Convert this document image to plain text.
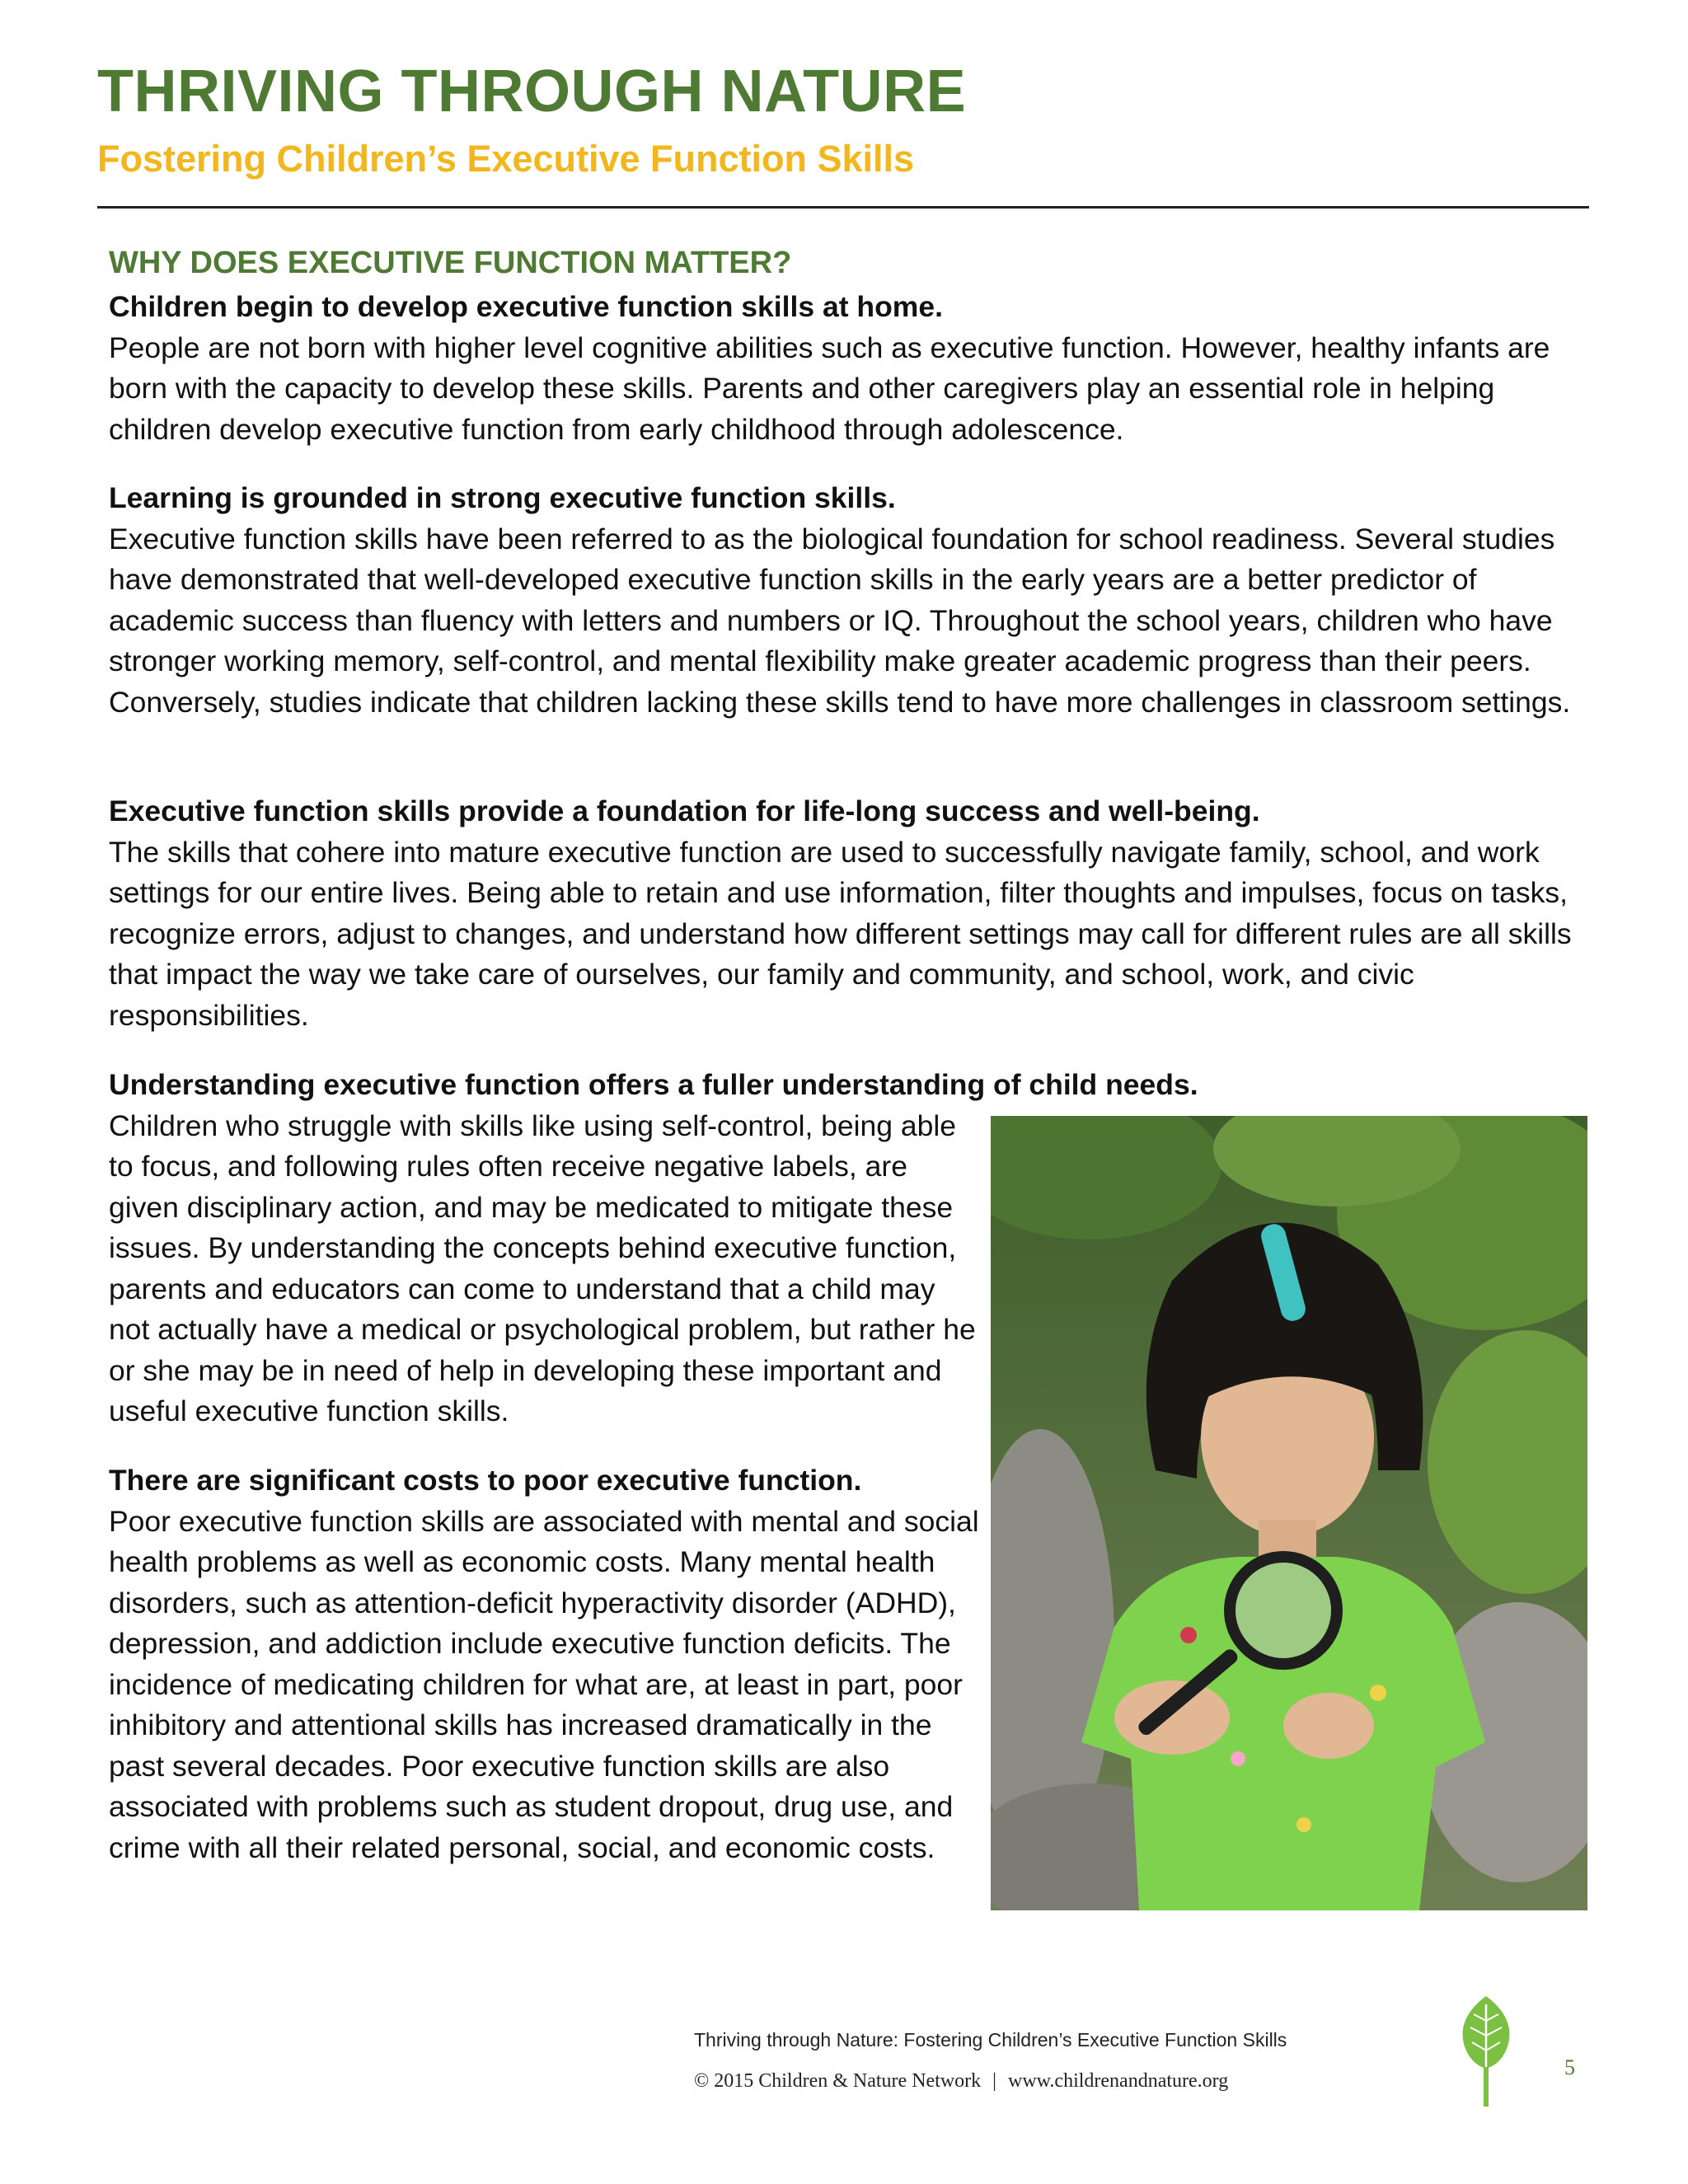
THRIVING THROUGH NATURE
Fostering Children’s Executive Function Skills
WHY DOES EXECUTIVE FUNCTION MATTER?
Children begin to develop executive function skills at home.

People are not born with higher level cognitive abilities such as executive function. However, healthy infants are born with the capacity to develop these skills. Parents and other caregivers play an essential role in helping children develop executive function from early childhood through adolescence.

Learning is grounded in strong executive function skills.

Executive function skills have been referred to as the biological foundation for school readiness. Several studies have demonstrated that well-developed executive function skills in the early years are a better predictor of academic success than fluency with letters and numbers or IQ. Throughout the school years, children who have stronger working memory, self-control, and mental flexibility make greater academic progress than their peers. Conversely, studies indicate that children lacking these skills tend to have more challenges in classroom settings.

Executive function skills provide a foundation for life-long success and well-being.

The skills that cohere into mature executive function are used to successfully navigate family, school, and work settings for our entire lives. Being able to retain and use information, filter thoughts and impulses, focus on tasks, recognize errors, adjust to changes, and understand how different settings may call for different rules are all skills that impact the way we take care of ourselves, our family and community, and school, work, and civic responsibilities.

Understanding executive function offers a fuller understanding of child needs.

Children who struggle with skills like using self-control, being able to focus, and following rules often receive negative labels, are given disciplinary action, and may be medicated to mitigate these issues. By understanding the concepts behind executive function, parents and educators can come to understand that a child may not actually have a medical or psychological problem, but rather he or she may be in need of help in developing these important and useful executive function skills.

There are significant costs to poor executive function.

Poor executive function skills are associated with mental and social health problems as well as economic costs. Many mental health disorders, such as attention-deficit hyperactivity disorder (ADHD), depression, and addiction include executive function deficits. The incidence of medicating children for what are, at least in part, poor inhibitory and attentional skills has increased dramatically in the past several decades. Poor executive function skills are also associated with problems such as student dropout, drug use, and crime with all their related personal, social, and economic costs.

Thriving through Nature: Fostering Children’s Executive Function Skills
© 2015 Children & Nature Network | www.childrenandnature.org
5
